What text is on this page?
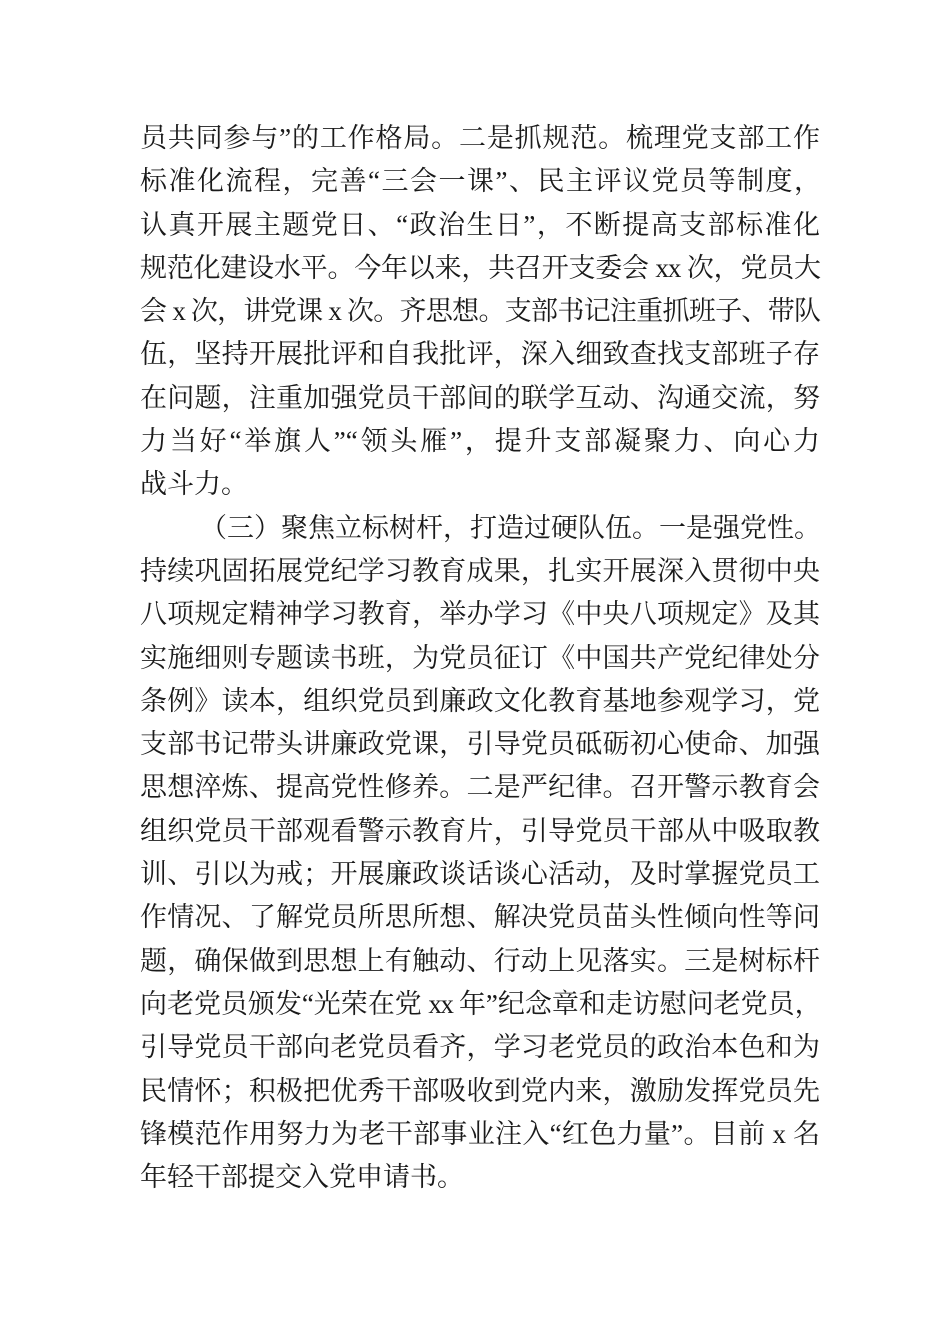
员共同参与”的工作格局。二是抓规范。梳理党支部工作
标准化流程，完善“三会一课”、民主评议党员等制度，
认真开展主题党日、“政治生日”，不断提高支部标准化
规范化建设水平。今年以来，共召开支委会 xx 次，党员大
会 x 次，讲党课 x 次。齐思想。支部书记注重抓班子、带队
伍，坚持开展批评和自我批评，深入细致查找支部班子存
在问题，注重加强党员干部间的联学互动、沟通交流，努
力当好“举旗人”“领头雁”，提升支部凝聚力、向心力
战斗力。
（三）聚焦立标树杆，打造过硬队伍。一是强党性。
持续巩固拓展党纪学习教育成果，扎实开展深入贯彻中央
八项规定精神学习教育，举办学习《中央八项规定》及其
实施细则专题读书班，为党员征订《中国共产党纪律处分
条例》读本，组织党员到廉政文化教育基地参观学习，党
支部书记带头讲廉政党课，引导党员砥砺初心使命、加强
思想淬炼、提高党性修养。二是严纪律。召开警示教育会
组织党员干部观看警示教育片，引导党员干部从中吸取教
训、引以为戒；开展廉政谈话谈心活动，及时掌握党员工
作情况、了解党员所思所想、解决党员苗头性倾向性等问
题，确保做到思想上有触动、行动上见落实。三是树标杆
向老党员颁发“光荣在党 xx 年”纪念章和走访慰问老党员，
引导党员干部向老党员看齐，学习老党员的政治本色和为
民情怀；积极把优秀干部吸收到党内来，激励发挥党员先
锋模范作用努力为老干部事业注入“红色力量”。目前 x 名
年轻干部提交入党申请书。
